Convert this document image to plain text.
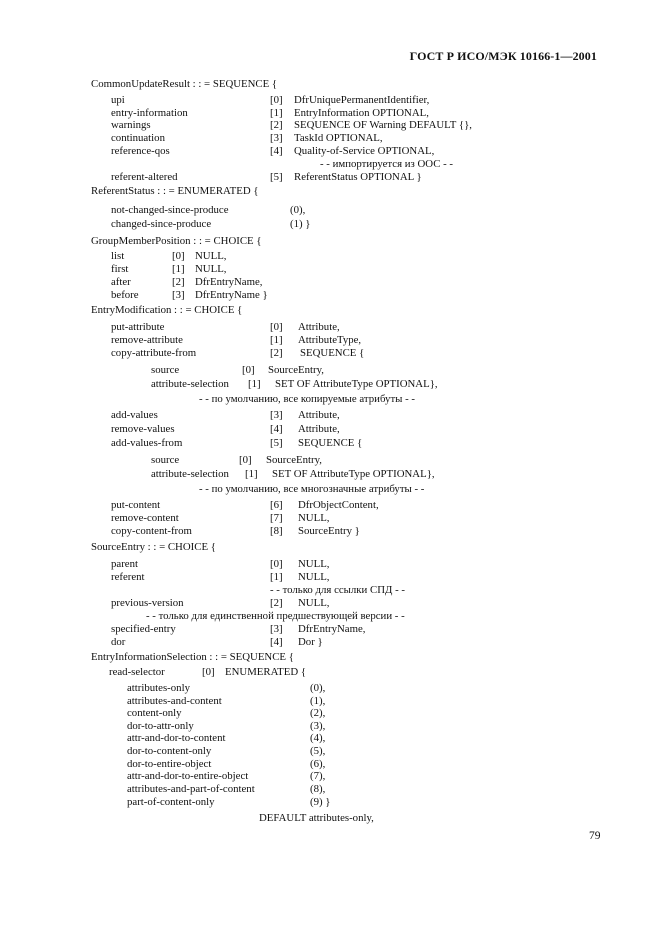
ГОСТ Р ИСО/МЭК 10166-1—2001
CommonUpdateResult : : = SEQUENCE {
upi	[0] DfrUniquePermanentIdentifier,
entry-information	[1] EntryInformation OPTIONAL,
warnings	[2] SEQUENCE OF Warning DEFAULT {},
continuation	[3] TaskId OPTIONAL,
reference-qos	[4] Quality-of-Service OPTIONAL,
- - импортируется из ООС - -
referent-altered	[5] ReferentStatus OPTIONAL }
ReferentStatus : : = ENUMERATED {
not-changed-since-produce	(0),
changed-since-produce	(1) }
GroupMemberPosition : : = CHOICE {
list	[0] NULL,
first	[1] NULL,
after	[2] DfrEntryName,
before	[3] DfrEntryName }
EntryModification : : = CHOICE {
put-attribute	[0] Attribute,
remove-attribute	[1] AttributeType,
copy-attribute-from	[2] SEQUENCE {
source	[0] SourceEntry,
attribute-selection [1] SET OF AttributeType OPTIONAL},
- - по умолчанию, все копируемые атрибуты - -
add-values	[3] Attribute,
remove-values	[4] Attribute,
add-values-from	[5] SEQUENCE {
source	[0] SourceEntry,
attribute-selection [1] SET OF AttributeType OPTIONAL},
- - по умолчанию, все многозначные атрибуты - -
put-content	[6] DfrObjectContent,
remove-content	[7] NULL,
copy-content-from	[8] SourceEntry }
SourceEntry : : = CHOICE {
parent	[0] NULL,
referent	[1] NULL,
- - только для ссылки СПД - -
previous-version	[2] NULL,
- - только для единственной предшествующей версии - -
specified-entry	[3] DfrEntryName,
dor	[4] Dor }
EntryInformationSelection : : = SEQUENCE {
read-selector	[0] ENUMERATED {
attributes-only	(0),
attributes-and-content	(1),
content-only	(2),
dor-to-attr-only	(3),
attr-and-dor-to-content	(4),
dor-to-content-only	(5),
dor-to-entire-object	(6),
attr-and-dor-to-entire-object	(7),
attributes-and-part-of-content	(8),
part-of-content-only	(9) }
DEFAULT attributes-only,
79
